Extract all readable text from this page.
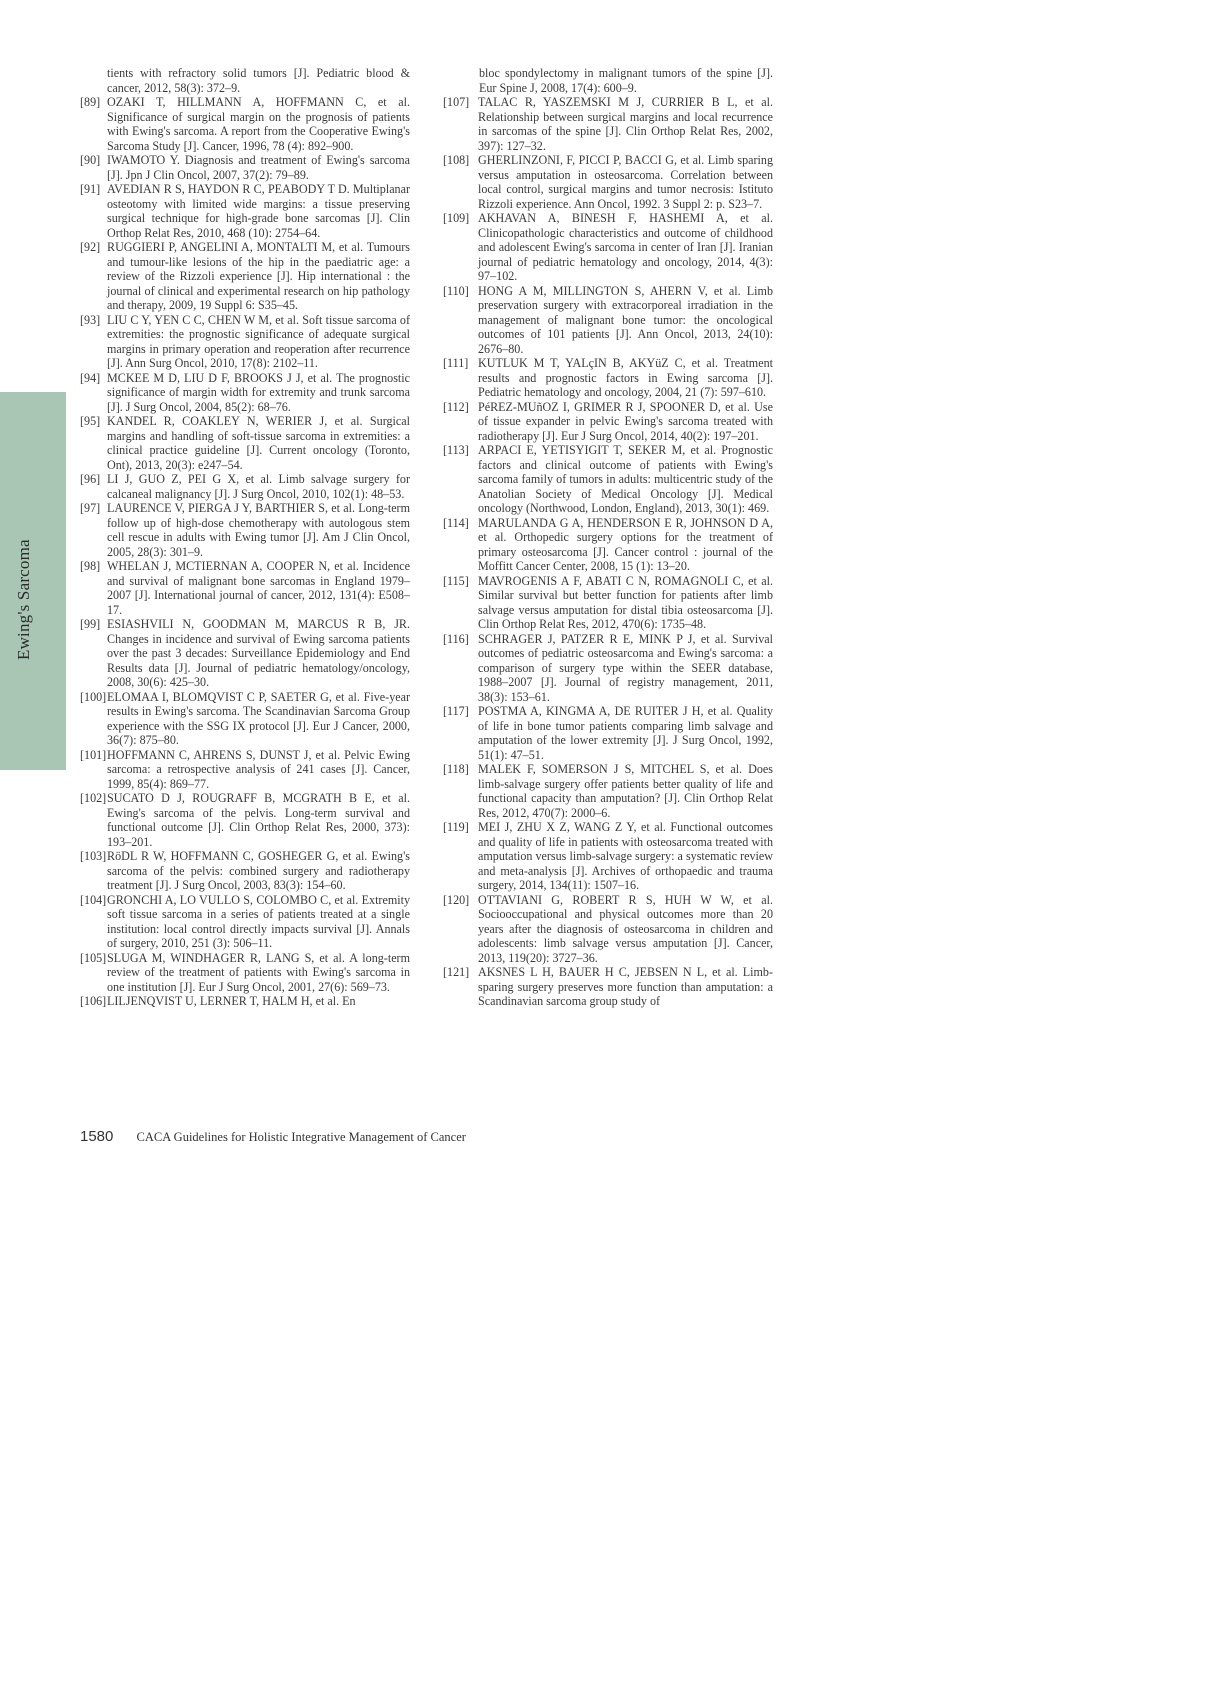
Ewing's Sarcoma
tients with refractory solid tumors [J]. Pediatric blood & cancer, 2012, 58(3): 372–9.
[89] OZAKI T, HILLMANN A, HOFFMANN C, et al. Significance of surgical margin on the prognosis of patients with Ewing's sarcoma. A report from the Cooperative Ewing's Sarcoma Study [J]. Cancer, 1996, 78 (4): 892–900.
[90] IWAMOTO Y. Diagnosis and treatment of Ewing's sarcoma [J]. Jpn J Clin Oncol, 2007, 37(2): 79–89.
[91] AVEDIAN R S, HAYDON R C, PEABODY T D. Multiplanar osteotomy with limited wide margins: a tissue preserving surgical technique for high-grade bone sarcomas [J]. Clin Orthop Relat Res, 2010, 468 (10): 2754–64.
[92] RUGGIERI P, ANGELINI A, MONTALTI M, et al. Tumours and tumour-like lesions of the hip in the paediatric age: a review of the Rizzoli experience [J]. Hip international : the journal of clinical and experimental research on hip pathology and therapy, 2009, 19 Suppl 6: S35–45.
[93] LIU C Y, YEN C C, CHEN W M, et al. Soft tissue sarcoma of extremities: the prognostic significance of adequate surgical margins in primary operation and reoperation after recurrence [J]. Ann Surg Oncol, 2010, 17(8): 2102–11.
[94] MCKEE M D, LIU D F, BROOKS J J, et al. The prognostic significance of margin width for extremity and trunk sarcoma [J]. J Surg Oncol, 2004, 85(2): 68–76.
[95] KANDEL R, COAKLEY N, WERIER J, et al. Surgical margins and handling of soft-tissue sarcoma in extremities: a clinical practice guideline [J]. Current oncology (Toronto, Ont), 2013, 20(3): e247–54.
[96] LI J, GUO Z, PEI G X, et al. Limb salvage surgery for calcaneal malignancy [J]. J Surg Oncol, 2010, 102(1): 48–53.
[97] LAURENCE V, PIERGA J Y, BARTHIER S, et al. Long-term follow up of high-dose chemotherapy with autologous stem cell rescue in adults with Ewing tumor [J]. Am J Clin Oncol, 2005, 28(3): 301–9.
[98] WHELAN J, MCTIERNAN A, COOPER N, et al. Incidence and survival of malignant bone sarcomas in England 1979–2007 [J]. International journal of cancer, 2012, 131(4): E508–17.
[99] ESIASHVILI N, GOODMAN M, MARCUS R B, JR. Changes in incidence and survival of Ewing sarcoma patients over the past 3 decades: Surveillance Epidemiology and End Results data [J]. Journal of pediatric hematology/oncology, 2008, 30(6): 425–30.
[100] ELOMAA I, BLOMQVIST C P, SAETER G, et al. Five-year results in Ewing's sarcoma. The Scandinavian Sarcoma Group experience with the SSG IX protocol [J]. Eur J Cancer, 2000, 36(7): 875–80.
[101] HOFFMANN C, AHRENS S, DUNST J, et al. Pelvic Ewing sarcoma: a retrospective analysis of 241 cases [J]. Cancer, 1999, 85(4): 869–77.
[102] SUCATO D J, ROUGRAFF B, MCGRATH B E, et al. Ewing's sarcoma of the pelvis. Long-term survival and functional outcome [J]. Clin Orthop Relat Res, 2000, 373): 193–201.
[103] RöDL R W, HOFFMANN C, GOSHEGER G, et al. Ewing's sarcoma of the pelvis: combined surgery and radiotherapy treatment [J]. J Surg Oncol, 2003, 83(3): 154–60.
[104] GRONCHI A, LO VULLO S, COLOMBO C, et al. Extremity soft tissue sarcoma in a series of patients treated at a single institution: local control directly impacts survival [J]. Annals of surgery, 2010, 251 (3): 506–11.
[105] SLUGA M, WINDHAGER R, LANG S, et al. A long-term review of the treatment of patients with Ewing's sarcoma in one institution [J]. Eur J Surg Oncol, 2001, 27(6): 569–73.
[106] LILJENQVIST U, LERNER T, HALM H, et al. En
bloc spondylectomy in malignant tumors of the spine [J]. Eur Spine J, 2008, 17(4): 600–9.
[107] TALAC R, YASZEMSKI M J, CURRIER B L, et al. Relationship between surgical margins and local recurrence in sarcomas of the spine [J]. Clin Orthop Relat Res, 2002, 397): 127–32.
[108] GHERLINZONI, F, PICCI P, BACCI G, et al. Limb sparing versus amputation in osteosarcoma. Correlation between local control, surgical margins and tumor necrosis: Istituto Rizzoli experience. Ann Oncol, 1992. 3 Suppl 2: p. S23–7.
[109] AKHAVAN A, BINESH F, HASHEMI A, et al. Clinicopathologic characteristics and outcome of childhood and adolescent Ewing's sarcoma in center of Iran [J]. Iranian journal of pediatric hematology and oncology, 2014, 4(3): 97–102.
[110] HONG A M, MILLINGTON S, AHERN V, et al. Limb preservation surgery with extracorporeal irradiation in the management of malignant bone tumor: the oncological outcomes of 101 patients [J]. Ann Oncol, 2013, 24(10): 2676–80.
[111] KUTLUK M T, YALçIN B, AKYüZ C, et al. Treatment results and prognostic factors in Ewing sarcoma [J]. Pediatric hematology and oncology, 2004, 21 (7): 597–610.
[112] PéREZ-MUñOZ I, GRIMER R J, SPOONER D, et al. Use of tissue expander in pelvic Ewing's sarcoma treated with radiotherapy [J]. Eur J Surg Oncol, 2014, 40(2): 197–201.
[113] ARPACI E, YETISYIGIT T, SEKER M, et al. Prognostic factors and clinical outcome of patients with Ewing's sarcoma family of tumors in adults: multicentric study of the Anatolian Society of Medical Oncology [J]. Medical oncology (Northwood, London, England), 2013, 30(1): 469.
[114] MARULANDA G A, HENDERSON E R, JOHNSON D A, et al. Orthopedic surgery options for the treatment of primary osteosarcoma [J]. Cancer control : journal of the Moffitt Cancer Center, 2008, 15 (1): 13–20.
[115] MAVROGENIS A F, ABATI C N, ROMAGNOLI C, et al. Similar survival but better function for patients after limb salvage versus amputation for distal tibia osteosarcoma [J]. Clin Orthop Relat Res, 2012, 470(6): 1735–48.
[116] SCHRAGER J, PATZER R E, MINK P J, et al. Survival outcomes of pediatric osteosarcoma and Ewing's sarcoma: a comparison of surgery type within the SEER database, 1988–2007 [J]. Journal of registry management, 2011, 38(3): 153–61.
[117] POSTMA A, KINGMA A, DE RUITER J H, et al. Quality of life in bone tumor patients comparing limb salvage and amputation of the lower extremity [J]. J Surg Oncol, 1992, 51(1): 47–51.
[118] MALEK F, SOMERSON J S, MITCHEL S, et al. Does limb-salvage surgery offer patients better quality of life and functional capacity than amputation? [J]. Clin Orthop Relat Res, 2012, 470(7): 2000–6.
[119] MEI J, ZHU X Z, WANG Z Y, et al. Functional outcomes and quality of life in patients with osteosarcoma treated with amputation versus limb-salvage surgery: a systematic review and meta-analysis [J]. Archives of orthopaedic and trauma surgery, 2014, 134(11): 1507–16.
[120] OTTAVIANI G, ROBERT R S, HUH W W, et al. Sociooccupational and physical outcomes more than 20 years after the diagnosis of osteosarcoma in children and adolescents: limb salvage versus amputation [J]. Cancer, 2013, 119(20): 3727–36.
[121] AKSNES L H, BAUER H C, JEBSEN N L, et al. Limb-sparing surgery preserves more function than amputation: a Scandinavian sarcoma group study of
1580 CACA Guidelines for Holistic Integrative Management of Cancer
